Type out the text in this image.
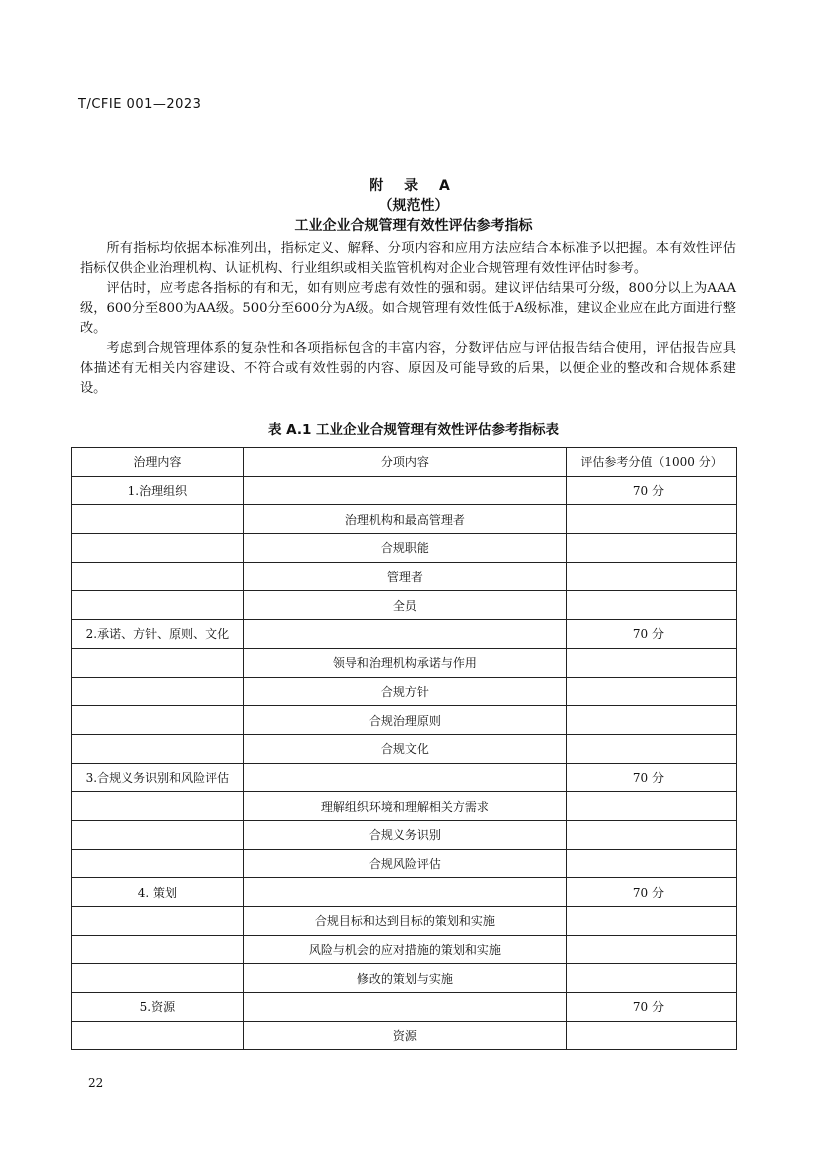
T/CFIE 001—2023
附 录 A
（规范性）
工业企业合规管理有效性评估参考指标

所有指标均依据本标准列出，指标定义、解释、分项内容和应用方法应结合本标准予以把握。本有效性评估指标仅供企业治理机构、认证机构、行业组织或相关监管机构对企业合规管理有效性评估时参考。

评估时，应考虑各指标的有和无，如有则应考虑有效性的强和弱。建议评估结果可分级，800分以上为AAA级，600分至800为AA级。500分至600分为A级。如合规管理有效性低于A级标准，建议企业应在此方面进行整改。

考虑到合规管理体系的复杂性和各项指标包含的丰富内容，分数评估应与评估报告结合使用，评估报告应具体描述有无相关内容建设、不符合或有效性弱的内容、原因及可能导致的后果，以便企业的整改和合规体系建设。

表 A.1 工业企业合规管理有效性评估参考指标表
治理内容	分项内容	评估参考分值（1000 分）
1.治理组织		70 分
	治理机构和最高管理者	
	合规职能	
	管理者	
	全员	
2.承诺、方针、原则、文化		70 分
	领导和治理机构承诺与作用	
	合规方针	
	合规治理原则	
	合规文化	
3.合规义务识别和风险评估		70 分
	理解组织环境和理解相关方需求	
	合规义务识别	
	合规风险评估	
4. 策划		70 分
	合规目标和达到目标的策划和实施	
	风险与机会的应对措施的策划和实施	
	修改的策划与实施	
5.资源		70 分
	资源	
22
